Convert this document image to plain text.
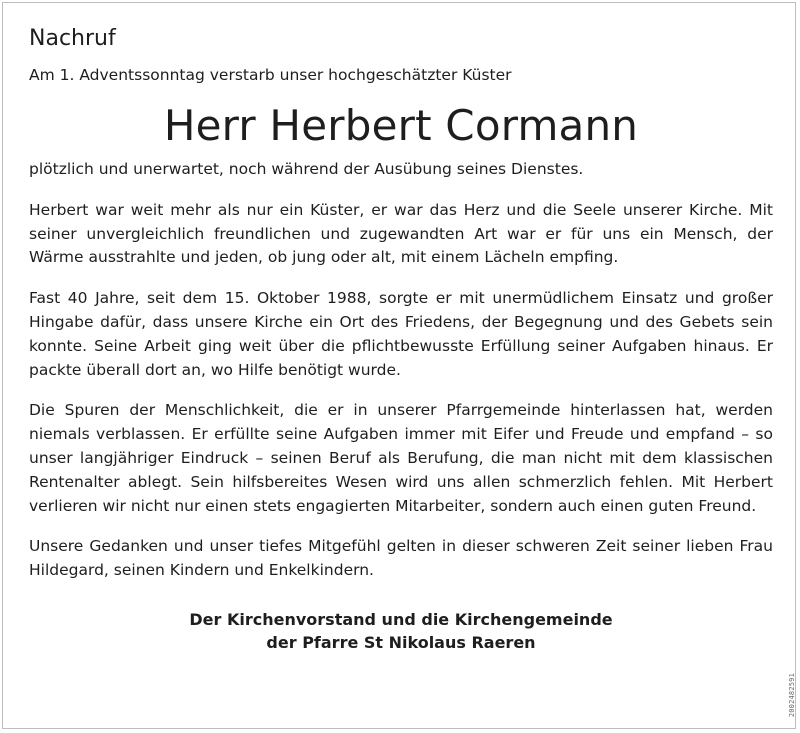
Nachruf

Am 1. Adventssonntag verstarb unser hochgeschätzter Küster

Herr Herbert Cormann

plötzlich und unerwartet, noch während der Ausübung seines Dienstes.

Herbert war weit mehr als nur ein Küster, er war das Herz und die Seele unserer Kirche. Mit seiner unvergleichlich freundlichen und zugewandten Art war er für uns ein Mensch, der Wärme ausstrahlte und jeden, ob jung oder alt, mit einem Lächeln empfing.

Fast 40 Jahre, seit dem 15. Oktober 1988, sorgte er mit unermüdlichem Einsatz und großer Hingabe dafür, dass unsere Kirche ein Ort des Friedens, der Begegnung und des Gebets sein konnte. Seine Arbeit ging weit über die pflichtbewusste Erfüllung seiner Aufgaben hinaus. Er packte überall dort an, wo Hilfe benötigt wurde.

Die Spuren der Menschlichkeit, die er in unserer Pfarrgemeinde hinterlassen hat, werden niemals verblassen. Er erfüllte seine Aufgaben immer mit Eifer und Freude und empfand – so unser langjähriger Eindruck – seinen Beruf als Berufung, die man nicht mit dem klassischen Rentenalter ablegt. Sein hilfsbereites Wesen wird uns allen schmerzlich fehlen. Mit Herbert verlieren wir nicht nur einen stets engagierten Mitarbeiter, sondern auch einen guten Freund.

Unsere Gedanken und unser tiefes Mitgefühl gelten in dieser schweren Zeit seiner lieben Frau Hildegard, seinen Kindern und Enkelkindern.

Der Kirchenvorstand und die Kirchengemeinde
der Pfarre St Nikolaus Raeren
2002482591
